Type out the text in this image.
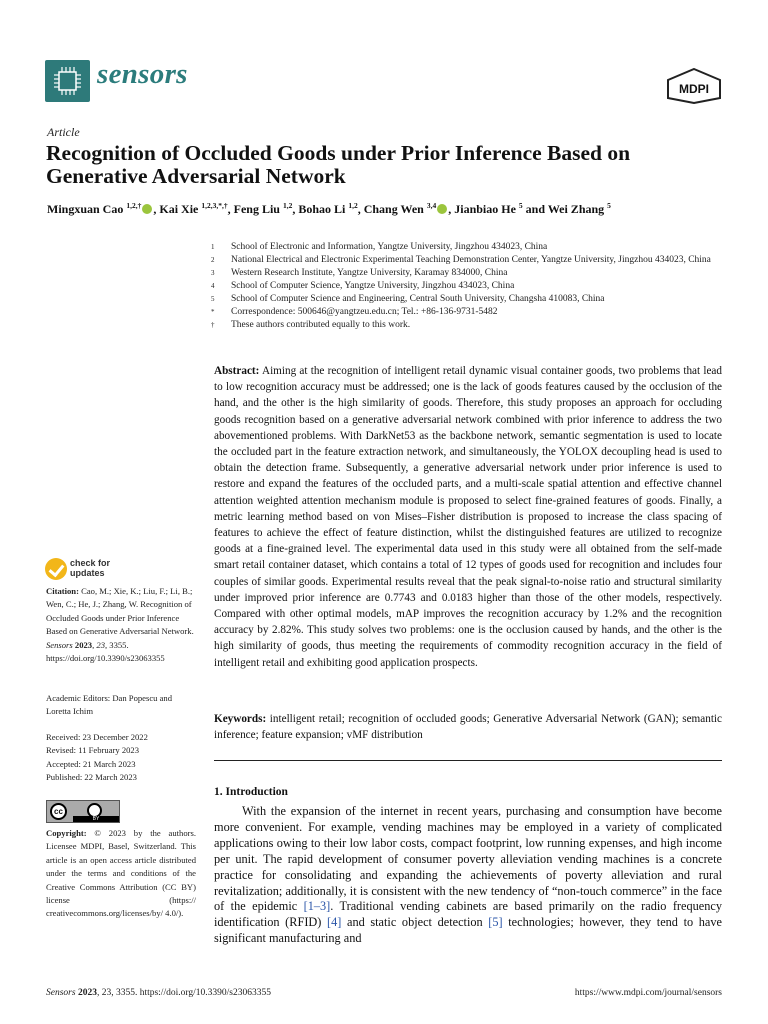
sensors	MDPI
Article
Recognition of Occluded Goods under Prior Inference Based on Generative Adversarial Network
Mingxuan Cao $^{1,2,\dagger}$ , Kai Xie $^{1,2,3,*,\dagger}$, Feng Liu $^{1,2}$, Bohao Li $^{1,2}$, Chang Wen $^{3,4}$ , Jianbiao He $^5$ and Wei Zhang $^5$
1	School of Electronic and Information, Yangtze University, Jingzhou 434023, China
2	National Electrical and Electronic Experimental Teaching Demonstration Center, Yangtze University, Jingzhou 434023, China
3	Western Research Institute, Yangtze University, Karamay 834000, China
4	School of Computer Science, Yangtze University, Jingzhou 434023, China
5	School of Computer Science and Engineering, Central South University, Changsha 410083, China
*	Correspondence: 500646@yangtzeu.edu.cn; Tel.: +86-136-9731-5482
†	These authors contributed equally to this work.
check for
updates
Citation: Cao, M.; Xie, K.; Liu, F.; Li, B.; Wen, C.; He, J.; Zhang, W. Recognition of Occluded Goods under Prior Inference Based on Generative Adversarial Network. Sensors 2023, 23, 3355. https://doi.org/10.3390/s23063355
Academic Editors: Dan Popescu and Loretta Ichim
Received: 23 December 2022
Revised: 11 February 2023
Accepted: 21 March 2023
Published: 22 March 2023
cc
BY
Copyright: © 2023 by the authors. Licensee MDPI, Basel, Switzerland. This article is an open access article distributed under the terms and conditions of the Creative Commons Attribution (CC BY) license (https:// creativecommons.org/licenses/by/ 4.0/).
Abstract: Aiming at the recognition of intelligent retail dynamic visual container goods, two problems that lead to low recognition accuracy must be addressed; one is the lack of goods features caused by the occlusion of the hand, and the other is the high similarity of goods. Therefore, this study proposes an approach for occluding goods recognition based on a generative adversarial network combined with prior inference to address the two abovementioned problems. With DarkNet53 as the backbone network, semantic segmentation is used to locate the occluded part in the feature extraction network, and simultaneously, the YOLOX decoupling head is used to obtain the detection frame. Subsequently, a generative adversarial network under prior inference is used to restore and expand the features of the occluded parts, and a multi-scale spatial attention and effective channel attention weighted attention mechanism module is proposed to select fine-grained features of goods. Finally, a metric learning method based on von Mises–Fisher distribution is proposed to increase the class spacing of features to achieve the effect of feature distinction, whilst the distinguished features are utilized to recognize goods at a fine-grained level. The experimental data used in this study were all obtained from the self-made smart retail container dataset, which contains a total of 12 types of goods used for recognition and includes four couples of similar goods. Experimental results reveal that the peak signal-to-noise ratio and structural similarity under improved prior inference are 0.7743 and 0.0183 higher than those of the other models, respectively. Compared with other optimal models, mAP improves the recognition accuracy by 1.2% and the recognition accuracy by 2.82%. This study solves two problems: one is the occlusion caused by hands, and the other is the high similarity of goods, thus meeting the requirements of commodity recognition accuracy in the field of intelligent retail and exhibiting good application prospects.
Keywords: intelligent retail; recognition of occluded goods; Generative Adversarial Network (GAN); semantic inference; feature expansion; vMF distribution
1. Introduction
With the expansion of the internet in recent years, purchasing and consumption have become more convenient. For example, vending machines may be employed in a variety of complicated applications owing to their low labor costs, compact footprint, low running expenses, and high income per unit. The rapid development of consumer poverty alleviation vending machines is a concrete practice for consolidating and expanding the achievements of poverty alleviation and rural revitalization; additionally, it is consistent with the new tendency of “non-touch commerce” in the face of the epidemic [1–3]. Traditional vending cabinets are based primarily on the radio frequency identification (RFID) [4] and static object detection [5] technologies; however, they tend to have significant manufacturing and
Sensors 2023, 23, 3355. https://doi.org/10.3390/s23063355	https://www.mdpi.com/journal/sensors
